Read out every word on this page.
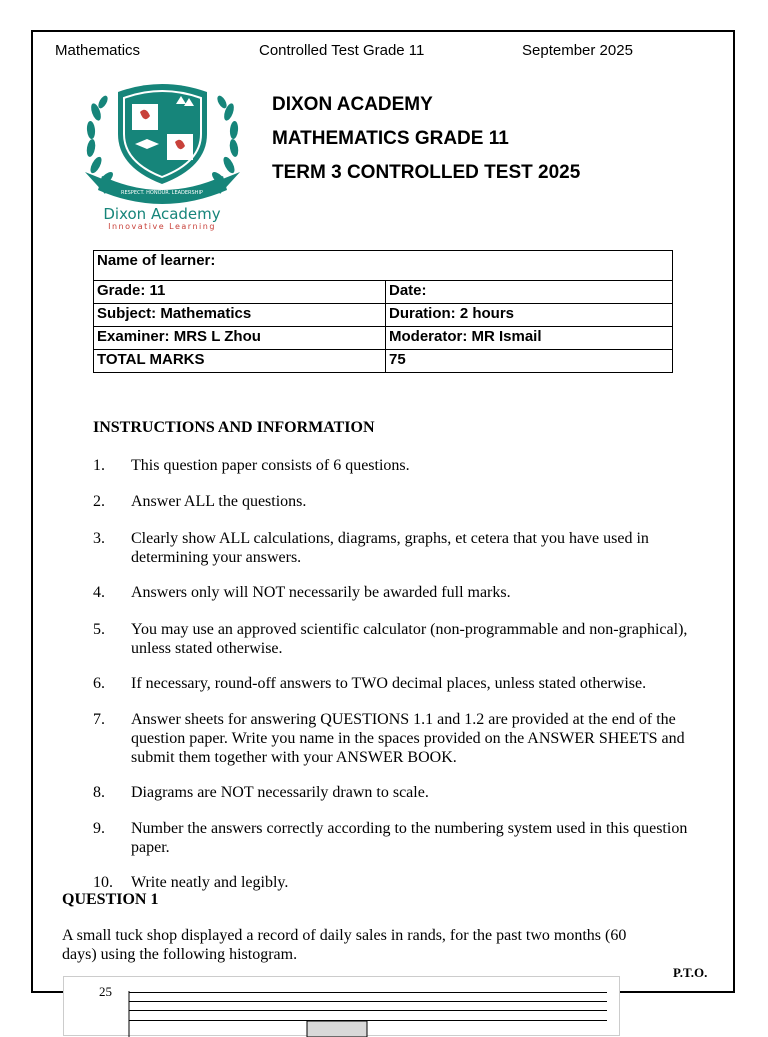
Mathematics	Controlled Test Grade 11	September 2025
RESPECT. HONOUR. LEADERSHIP
Dixon Academy
Innovative Learning
DIXON ACADEMY
MATHEMATICS GRADE 11
TERM 3 CONTROLLED TEST 2025
Name of learner:	
Grade: 11	Date:
Subject: Mathematics	Duration: 2 hours
Examiner: MRS L Zhou	Moderator: MR Ismail
TOTAL MARKS	75
INSTRUCTIONS AND INFORMATION
1. This question paper consists of 6 questions.
2. Answer ALL the questions.
3. Clearly show ALL calculations, diagrams, graphs, et cetera that you have used in determining your answers.
4. Answers only will NOT necessarily be awarded full marks.
5. You may use an approved scientific calculator (non-programmable and non-graphical), unless stated otherwise.
6. If necessary, round-off answers to TWO decimal places, unless stated otherwise.
7. Answer sheets for answering QUESTIONS 1.1 and 1.2 are provided at the end of the question paper. Write you name in the spaces provided on the ANSWER SHEETS and submit them together with your ANSWER BOOK.
8. Diagrams are NOT necessarily drawn to scale.
9. Number the answers correctly according to the numbering system used in this question paper.
10. Write neatly and legibly.
QUESTION 1
A small tuck shop displayed a record of daily sales in rands, for the past two months (60 days) using the following histogram.
25
P.T.O.
